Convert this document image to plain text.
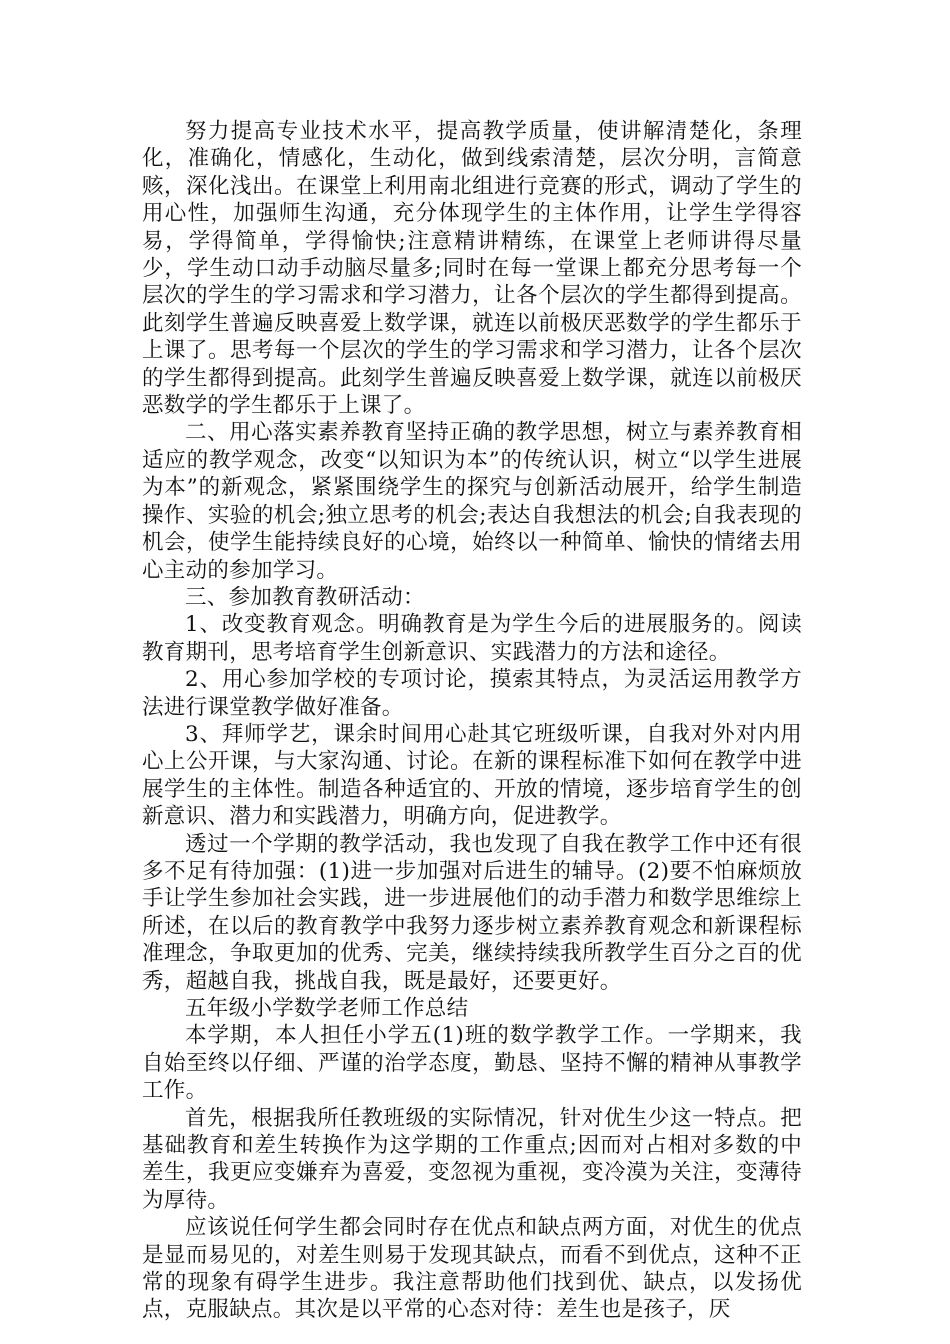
努力提高专业技术水平，提高教学质量，使讲解清楚化，条理化，准确化，情感化，生动化，做到线索清楚，层次分明，言简意赅，深化浅出。在课堂上利用南北组进行竞赛的形式，调动了学生的用心性，加强师生沟通，充分体现学生的主体作用，让学生学得容易，学得简单，学得愉快;注意精讲精练，在课堂上老师讲得尽量少，学生动口动手动脑尽量多;同时在每一堂课上都充分思考每一个层次的学生的学习需求和学习潜力，让各个层次的学生都得到提高。此刻学生普遍反映喜爱上数学课，就连以前极厌恶数学的学生都乐于上课了。思考每一个层次的学生的学习需求和学习潜力，让各个层次的学生都得到提高。此刻学生普遍反映喜爱上数学课，就连以前极厌恶数学的学生都乐于上课了。

二、用心落实素养教育坚持正确的教学思想，树立与素养教育相适应的教学观念，改变“以知识为本”的传统认识，树立“以学生进展为本”的新观念，紧紧围绕学生的探究与创新活动展开，给学生制造操作、实验的机会;独立思考的机会;表达自我想法的机会;自我表现的机会，使学生能持续良好的心境，始终以一种简单、愉快的情绪去用心主动的参加学习。

三、参加教育教研活动：

1、改变教育观念。明确教育是为学生今后的进展服务的。阅读教育期刊，思考培育学生创新意识、实践潜力的方法和途径。

2、用心参加学校的专项讨论，摸索其特点，为灵活运用教学方法进行课堂教学做好准备。

3、拜师学艺，课余时间用心赴其它班级听课，自我对外对内用心上公开课，与大家沟通、讨论。在新的课程标准下如何在教学中进展学生的主体性。制造各种适宜的、开放的情境，逐步培育学生的创新意识、潜力和实践潜力，明确方向，促进教学。

透过一个学期的教学活动，我也发现了自我在教学工作中还有很多不足有待加强：(1)进一步加强对后进生的辅导。(2)要不怕麻烦放手让学生参加社会实践，进一步进展他们的动手潜力和数学思维综上所述，在以后的教育教学中我努力逐步树立素养教育观念和新课程标准理念，争取更加的优秀、完美，继续持续我所教学生百分之百的优秀，超越自我，挑战自我，既是最好，还要更好。

五年级小学数学老师工作总结

本学期，本人担任小学五(1)班的数学教学工作。一学期来，我自始至终以仔细、严谨的治学态度，勤恳、坚持不懈的精神从事教学工作。

首先，根据我所任教班级的实际情况，针对优生少这一特点。把基础教育和差生转换作为这学期的工作重点;因而对占相对多数的中差生，我更应变嫌弃为喜爱，变忽视为重视，变冷漠为关注，变薄待为厚待。

应该说任何学生都会同时存在优点和缺点两方面，对优生的优点是显而易见的，对差生则易于发现其缺点，而看不到优点，这种不正常的现象有碍学生进步。我注意帮助他们找到优、缺点，以发扬优点，克服缺点。其次是以平常的心态对待：差生也是孩子，厌
